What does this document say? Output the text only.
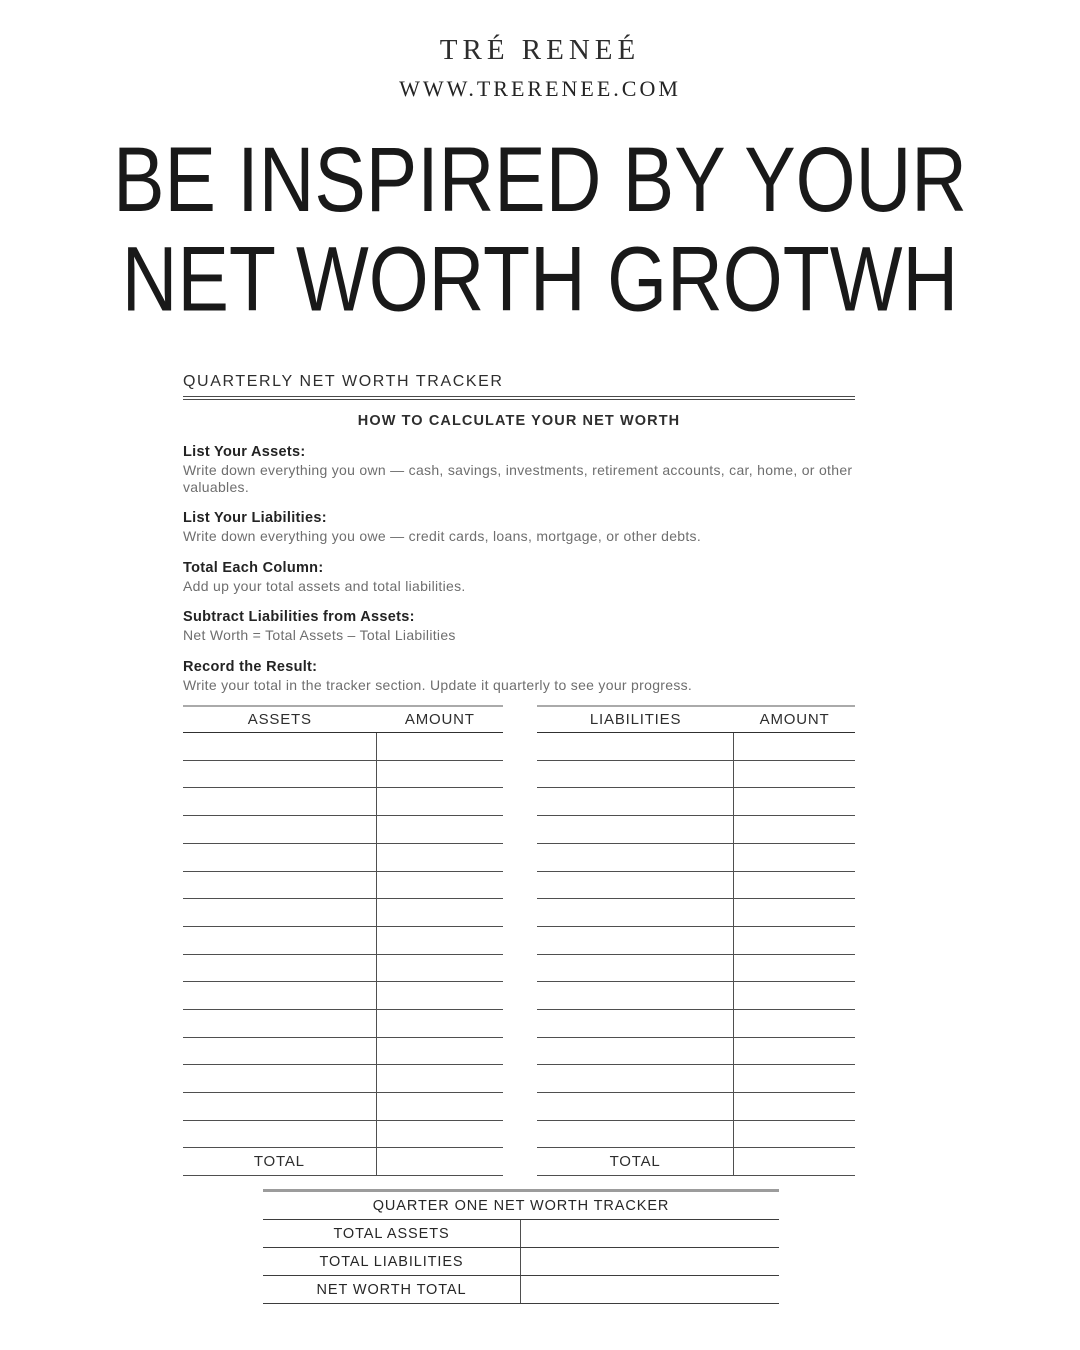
TRÉ RENEÉ
WWW.TRERENEE.COM
BE INSPIRED BY YOUR
NET WORTH GROTWH
QUARTERLY NET WORTH TRACKER
HOW TO CALCULATE YOUR NET WORTH
List Your Assets:
Write down everything you own — cash, savings, investments, retirement accounts, car, home, or other valuables.
List Your Liabilities:
Write down everything you owe — credit cards, loans, mortgage, or other debts.
Total Each Column:
Add up your total assets and total liabilities.
Subtract Liabilities from Assets:
Net Worth = Total Assets – Total Liabilities
Record the Result:
Write your total in the tracker section. Update it quarterly to see your progress.
ASSETS	AMOUNT
TOTAL
LIABILITIES	AMOUNT
TOTAL
QUARTER ONE NET WORTH TRACKER
TOTAL ASSETS
TOTAL LIABILITIES
NET WORTH TOTAL
